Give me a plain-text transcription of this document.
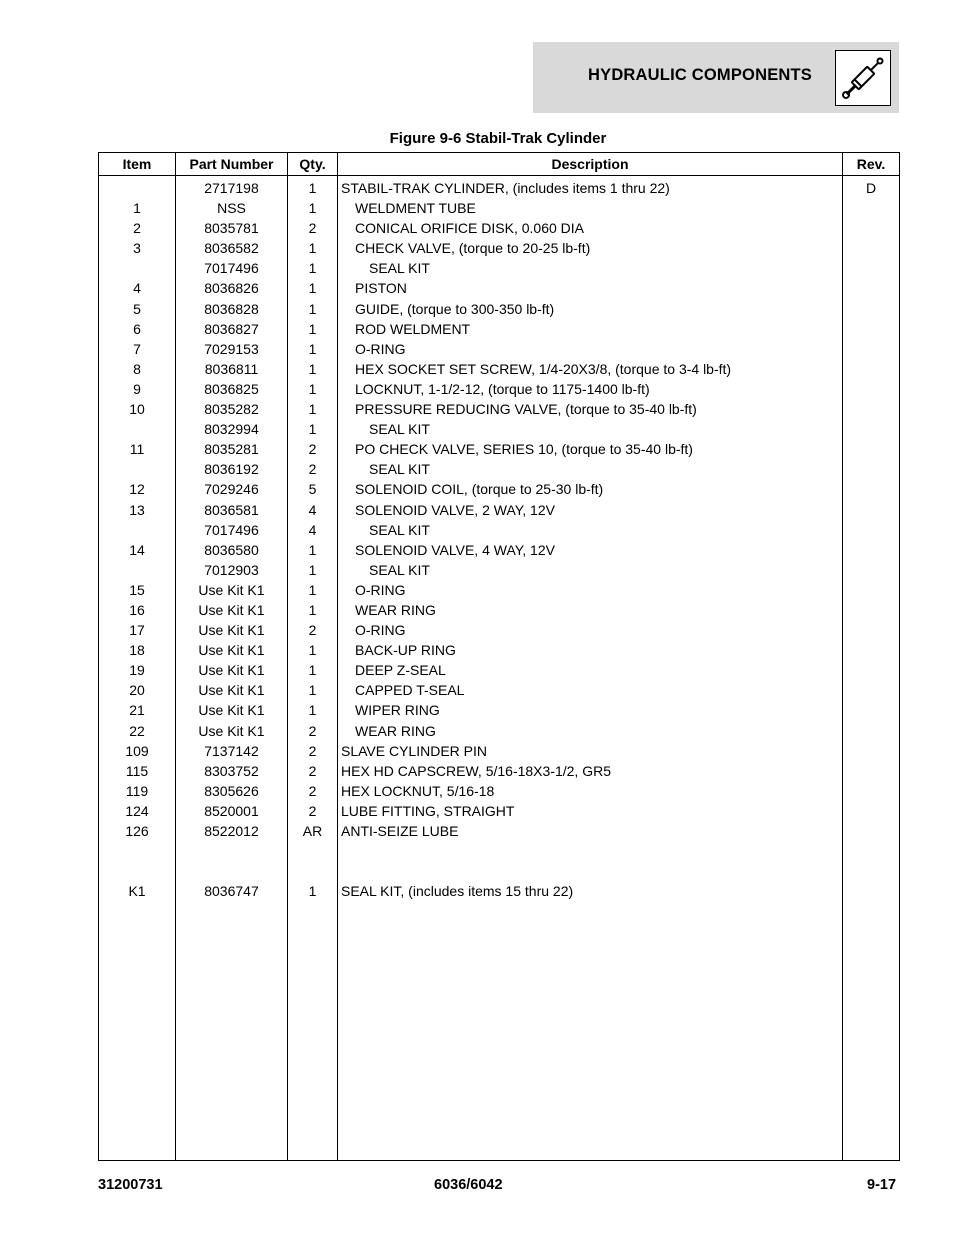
HYDRAULIC COMPONENTS
Figure 9-6 Stabil-Trak Cylinder
Item	Part Number	Qty.	Description	Rev.
	2717198	1	STABIL-TRAK CYLINDER, (includes items 1 thru 22)	D
1	NSS	1	WELDMENT TUBE	
2	8035781	2	CONICAL ORIFICE DISK, 0.060 DIA	
3	8036582	1	CHECK VALVE, (torque to 20-25 lb-ft)	
	7017496	1	SEAL KIT	
4	8036826	1	PISTON	
5	8036828	1	GUIDE, (torque to 300-350 lb-ft)	
6	8036827	1	ROD WELDMENT	
7	7029153	1	O-RING	
8	8036811	1	HEX SOCKET SET SCREW, 1/4-20X3/8, (torque to 3-4 lb-ft)	
9	8036825	1	LOCKNUT, 1-1/2-12, (torque to 1175-1400 lb-ft)	
10	8035282	1	PRESSURE REDUCING VALVE, (torque to 35-40 lb-ft)	
	8032994	1	SEAL KIT	
11	8035281	2	PO CHECK VALVE, SERIES 10, (torque to 35-40 lb-ft)	
	8036192	2	SEAL KIT	
12	7029246	5	SOLENOID COIL, (torque to 25-30 lb-ft)	
13	8036581	4	SOLENOID VALVE, 2 WAY, 12V	
	7017496	4	SEAL KIT	
14	8036580	1	SOLENOID VALVE, 4 WAY, 12V	
	7012903	1	SEAL KIT	
15	Use Kit K1	1	O-RING	
16	Use Kit K1	1	WEAR RING	
17	Use Kit K1	2	O-RING	
18	Use Kit K1	1	BACK-UP RING	
19	Use Kit K1	1	DEEP Z-SEAL	
20	Use Kit K1	1	CAPPED T-SEAL	
21	Use Kit K1	1	WIPER RING	
22	Use Kit K1	2	WEAR RING	
109	7137142	2	SLAVE CYLINDER PIN	
115	8303752	2	HEX HD CAPSCREW, 5/16-18X3-1/2, GR5	
119	8305626	2	HEX LOCKNUT, 5/16-18	
124	8520001	2	LUBE FITTING, STRAIGHT	
126	8522012	AR	ANTI-SEIZE LUBE	

K1	8036747	1	SEAL KIT, (includes items 15 thru 22)	

31200731	6036/6042	9-17
